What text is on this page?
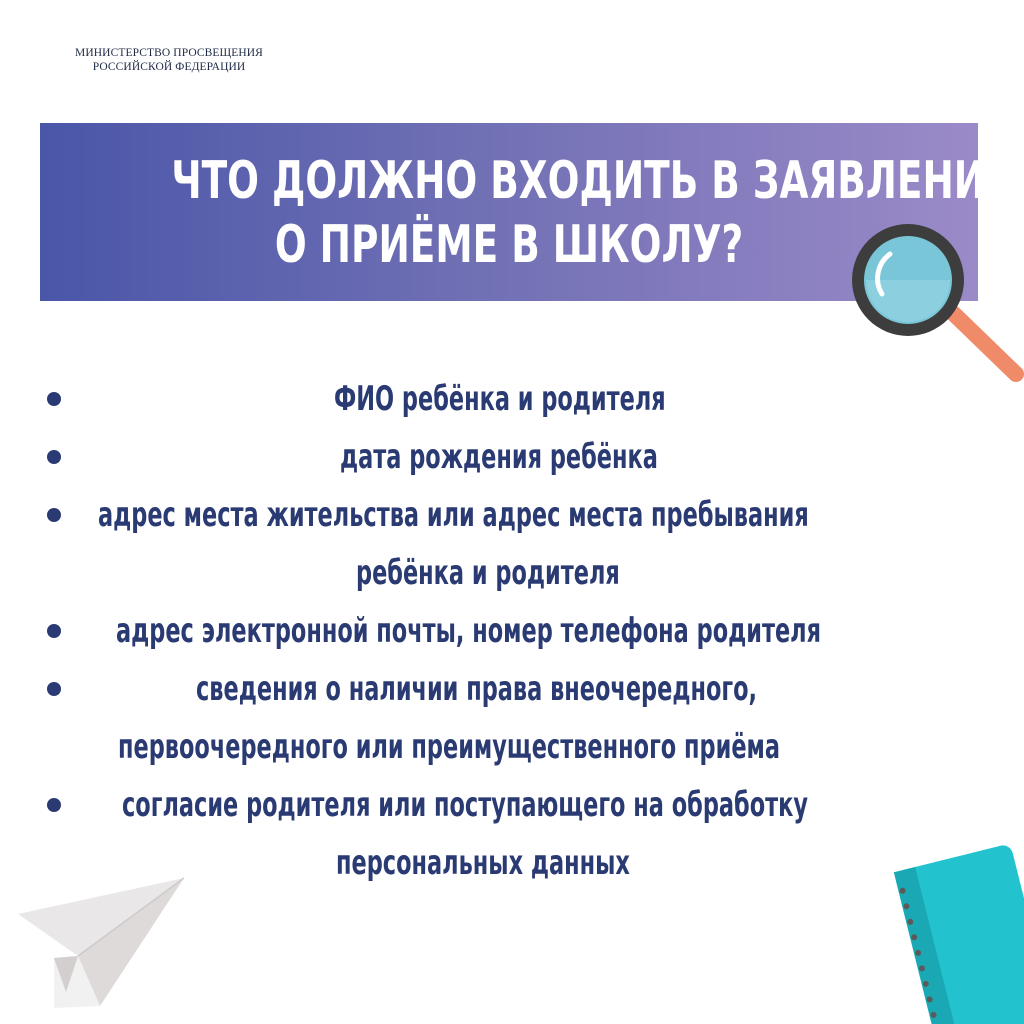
МИНИСТЕРСТВО ПРОСВЕЩЕНИЯ
РОССИЙСКОЙ ФЕДЕРАЦИИ
ЧТО ДОЛЖНО ВХОДИТЬ В ЗАЯВЛЕНИЕ
О ПРИЁМЕ В ШКОЛУ?
ФИО ребёнка и родителя
дата рождения ребёнка
адрес места жительства или адрес места пребывания
ребёнка и родителя
адрес электронной почты, номер телефона родителя
сведения о наличии права внеочередного,
первоочередного или преимущественного приёма
согласие родителя или поступающего на обработку
персональных данных
